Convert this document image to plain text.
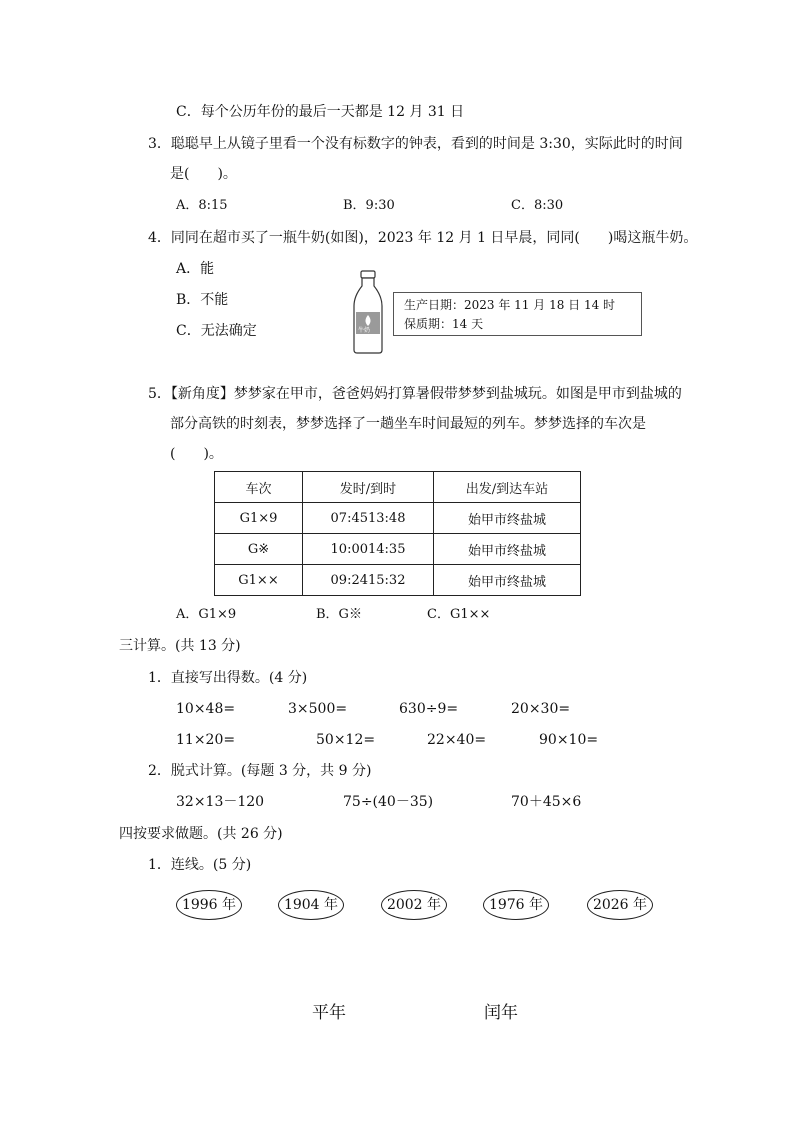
C．每个公历年份的最后一天都是 12 月 31 日
3．聪聪早上从镜子里看一个没有标数字的钟表，看到的时间是 3:30，实际此时的时间
是(　　)。
A．8:15	B．9:30	C．8:30
4．同同在超市买了一瓶牛奶(如图)，2023 年 12 月 1 日早晨，同同(　　)喝这瓶牛奶。
A．能
B．不能
C．无法确定	牛奶
生产日期：2023 年 11 月 18 日 14 时
保质期：14 天
5．【新角度】梦梦家在甲市，爸爸妈妈打算暑假带梦梦到盐城玩。如图是甲市到盐城的
部分高铁的时刻表，梦梦选择了一趟坐车时间最短的列车。梦梦选择的车次是
(　　)。
车次	发时/到时	出发/到达车站
G1×9	07:4513:48	始甲市终盐城
G※	10:0014:35	始甲市终盐城
G1××	09:2415:32	始甲市终盐城
A．G1×9	B．G※	C．G1××
三计算。(共 13 分)
1．直接写出得数。(4 分)
10×48=	3×500=	630÷9=	20×30=
11×20=	50×12=	22×40=	90×10=
2．脱式计算。(每题 3 分，共 9 分)
32×13－120	75÷(40－35)	70＋45×6
四按要求做题。(共 26 分)
1．连线。(5 分)
1996 年	1904 年	2002 年	1976 年	2026 年
平年	闰年
